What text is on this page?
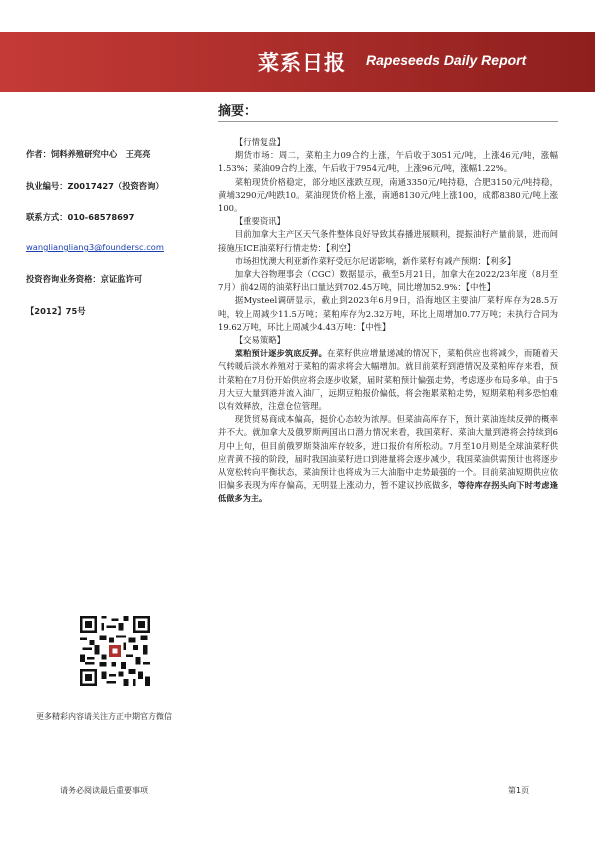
菜系日报 Rapeseeds Daily Report
摘要：
作者：饲料养殖研究中心　王亮亮
执业编号：Z0017427（投资咨询）
联系方式：010-68578697
wangliangliang3@foundersc.com
投资咨询业务资格：京证监许可
【2012】75号

【行情复盘】

期货市场：周二，菜粕主力09合约上涨，午后收于3051元/吨，上涨46元/吨，涨幅1.53%；菜油09合约上涨，午后收于7954元/吨，上涨96元/吨，涨幅1.22%。

菜粕现货价格稳定，部分地区涨跌互现，南通3350元/吨持稳，合肥3150元/吨持稳，黄埔3290元/吨跌10。菜油现货价格上涨，南通8130元/吨上涨100，成都8380元/吨上涨100。

【重要资讯】

目前加拿大主产区天气条件整体良好导致其春播进展顺利，提振油籽产量前景，进而间接施压ICE油菜籽行情走势：【利空】

市场担忧澳大利亚新作菜籽受厄尔尼诺影响，新作菜籽有减产预期：【利多】

加拿大谷物理事会（CGC）数据显示，截至5月21日，加拿大在2022/23年度（8月至7月）前42周的油菜籽出口量达到702.45万吨，同比增加52.9%：【中性】

据Mysteel调研显示，截止到2023年6月9日，沿海地区主要油厂菜籽库存为28.5万吨，较上周减少11.5万吨；菜粕库存为2.32万吨，环比上周增加0.77万吨；未执行合同为19.62万吨，环比上周减少4.43万吨：【中性】

【交易策略】

菜粕预计逐步筑底反弹。在菜籽供应增量递减的情况下，菜粕供应也将减少，而随着天气转暖后淡水养殖对于菜粕的需求将会大幅增加。就目前菜籽到港情况及菜粕库存来看，预计菜粕在7月份开始供应将会逐步收紧，届时菜粕预计偏强走势，考虑逐步布局多单。由于5月大豆大量到港并流入油厂，远期豆粕报价偏低，将会拖累菜粕走势，短期菜粕利多恐怕难以有效释放，注意仓位管理。

现货贸易商成本偏高，挺价心态较为浓厚。但菜油高库存下，预计菜油连续反弹的概率并不大。就加拿大及俄罗斯两国出口潜力情况来看，我国菜籽、菜油大量到港将会持续到6月中上旬，但目前俄罗斯葵油库存较多，进口报价有所松动。7月至10月则是全球油菜籽供应青黄不接的阶段，届时我国油菜籽进口到港量将会逐步减少，我国菜油供需预计也将逐步从宽松转向平衡状态，菜油预计也将成为三大油脂中走势最强的一个。目前菜油短期供应依旧偏多表现为库存偏高，无明显上涨动力，暂不建议抄底做多，等待库存拐头向下时考虑逢低做多为主。

更多精彩内容请关注方正中期官方微信
请务必阅读最后重要事项	第1页
